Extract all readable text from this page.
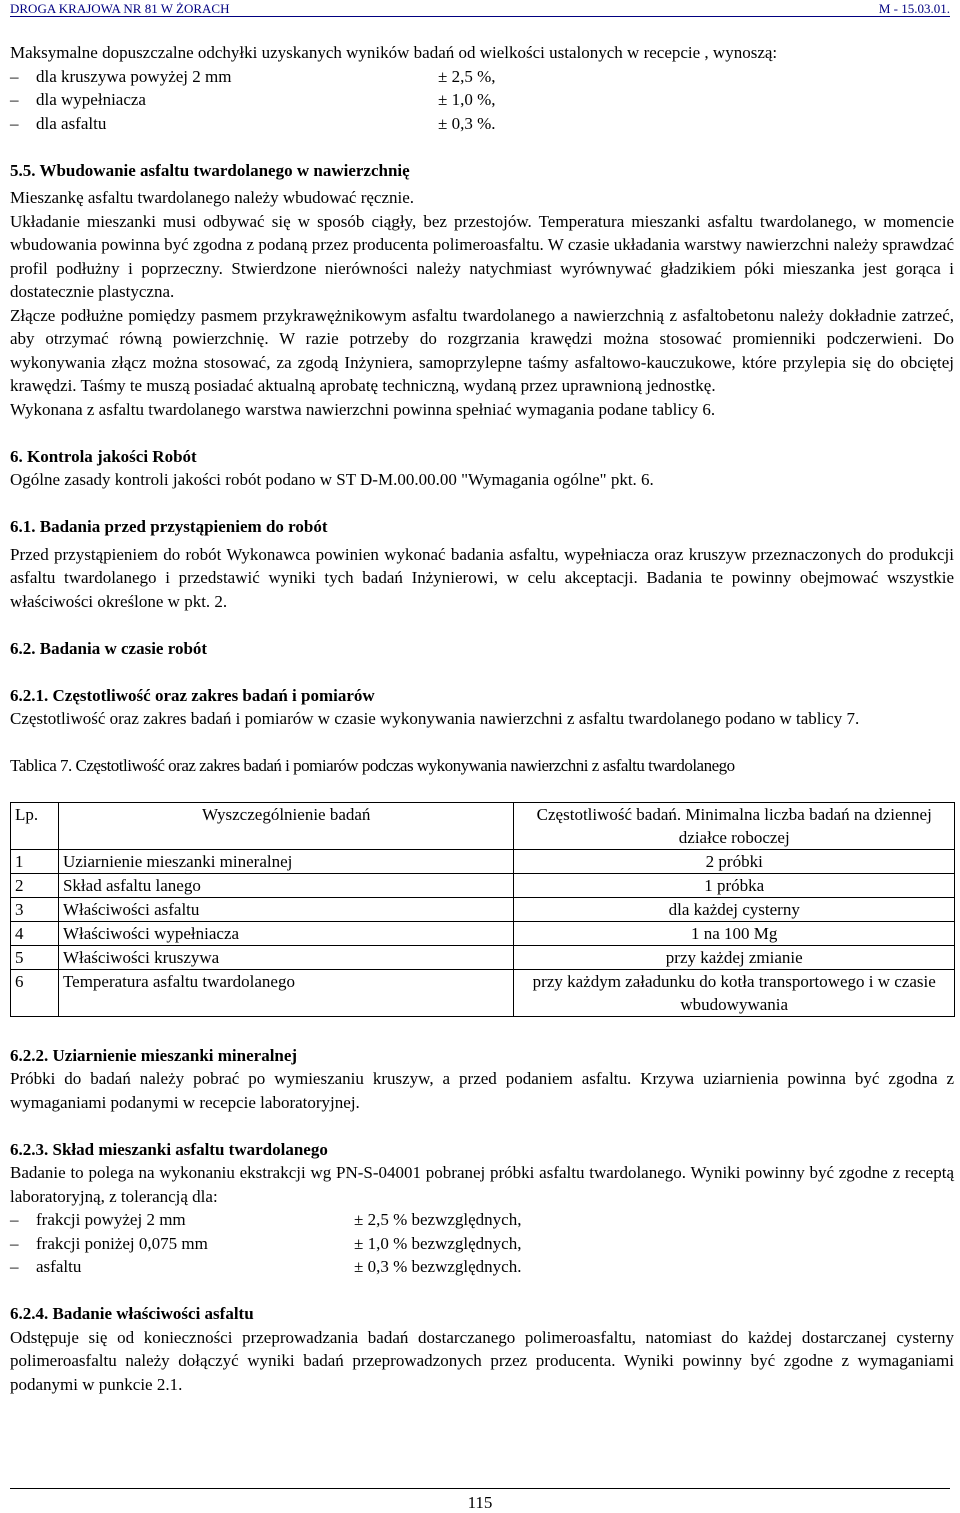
DROGA KRAJOWA NR 81 W ŻORACH	M - 15.03.01.

Maksymalne dopuszczalne odchyłki uzyskanych wyników badań od wielkości ustalonych w recepcie , wynoszą:

–	dla kruszywa powyżej 2 mm	± 2,5 %,
–	dla wypełniacza	± 1,0 %,
–	dla asfaltu	± 0,3 %.
5.5. Wbudowanie asfaltu twardolanego w nawierzchnię

Mieszankę asfaltu twardolanego należy wbudować ręcznie.

Układanie mieszanki musi odbywać się w sposób ciągły, bez przestojów. Temperatura mieszanki asfaltu twardolanego, w momencie wbudowania powinna być zgodna z podaną przez producenta polimeroasfaltu. W czasie układania warstwy nawierzchni należy sprawdzać profil podłużny i poprzeczny. Stwierdzone nierówności należy natychmiast wyrównywać gładzikiem póki mieszanka jest gorąca i dostatecznie plastyczna.

Złącze podłużne pomiędzy pasmem przykrawężnikowym asfaltu twardolanego a nawierzchnią z asfaltobetonu należy dokładnie zatrzeć, aby otrzymać równą powierzchnię. W razie potrzeby do rozgrzania krawędzi można stosować promienniki podczerwieni. Do wykonywania złącz można stosować, za zgodą Inżyniera, samoprzylepne taśmy asfaltowo-kauczukowe, które przylepia się do obciętej krawędzi. Taśmy te muszą posiadać aktualną aprobatę techniczną, wydaną przez uprawnioną jednostkę.

Wykonana z asfaltu twardolanego warstwa nawierzchni powinna spełniać wymagania podane tablicy 6.

6. Kontrola jakości Robót

Ogólne zasady kontroli jakości robót podano w ST D-M.00.00.00 "Wymagania ogólne" pkt. 6.

6.1. Badania przed przystąpieniem do robót

Przed przystąpieniem do robót Wykonawca powinien wykonać badania asfaltu, wypełniacza oraz kruszyw przeznaczonych do produkcji asfaltu twardolanego i przedstawić wyniki tych badań Inżynierowi, w celu akceptacji. Badania te powinny obejmować wszystkie właściwości określone w pkt. 2.

6.2. Badania w czasie robót
6.2.1. Częstotliwość oraz zakres badań i pomiarów

Częstotliwość oraz zakres badań i pomiarów w czasie wykonywania nawierzchni z asfaltu twardolanego podano w tablicy 7.

Tablica 7. Częstotliwość oraz zakres badań i pomiarów podczas wykonywania nawierzchni z asfaltu twardolanego

Lp.	Wyszczególnienie badań	Częstotliwość badań. Minimalna liczba badań na dziennej działce roboczej
1	Uziarnienie mieszanki mineralnej	2 próbki
2	Skład asfaltu lanego	1 próbka
3	Właściwości asfaltu	dla każdej cysterny
4	Właściwości wypełniacza	1 na 100 Mg
5	Właściwości kruszywa	przy każdej zmianie
6	Temperatura asfaltu twardolanego	przy każdym załadunku do kotła transportowego i w czasie wbudowywania
6.2.2. Uziarnienie mieszanki mineralnej

Próbki do badań należy pobrać po wymieszaniu kruszyw, a przed podaniem asfaltu. Krzywa uziarnienia powinna być zgodna z wymaganiami podanymi w recepcie laboratoryjnej.

6.2.3. Skład mieszanki asfaltu twardolanego

Badanie to polega na wykonaniu ekstrakcji wg PN-S-04001 pobranej próbki asfaltu twardolanego. Wyniki powinny być zgodne z receptą laboratoryjną, z tolerancją dla:

–	frakcji powyżej 2 mm	± 2,5 % bezwzględnych,
–	frakcji poniżej 0,075 mm	± 1,0 % bezwzględnych,
–	asfaltu	± 0,3 % bezwzględnych.
6.2.4. Badanie właściwości asfaltu

Odstępuje się od konieczności przeprowadzania badań dostarczanego polimeroasfaltu, natomiast do każdej dostarczanej cysterny polimeroasfaltu należy dołączyć wyniki badań przeprowadzonych przez producenta. Wyniki powinny być zgodne z wymaganiami podanymi w punkcie 2.1.

115
